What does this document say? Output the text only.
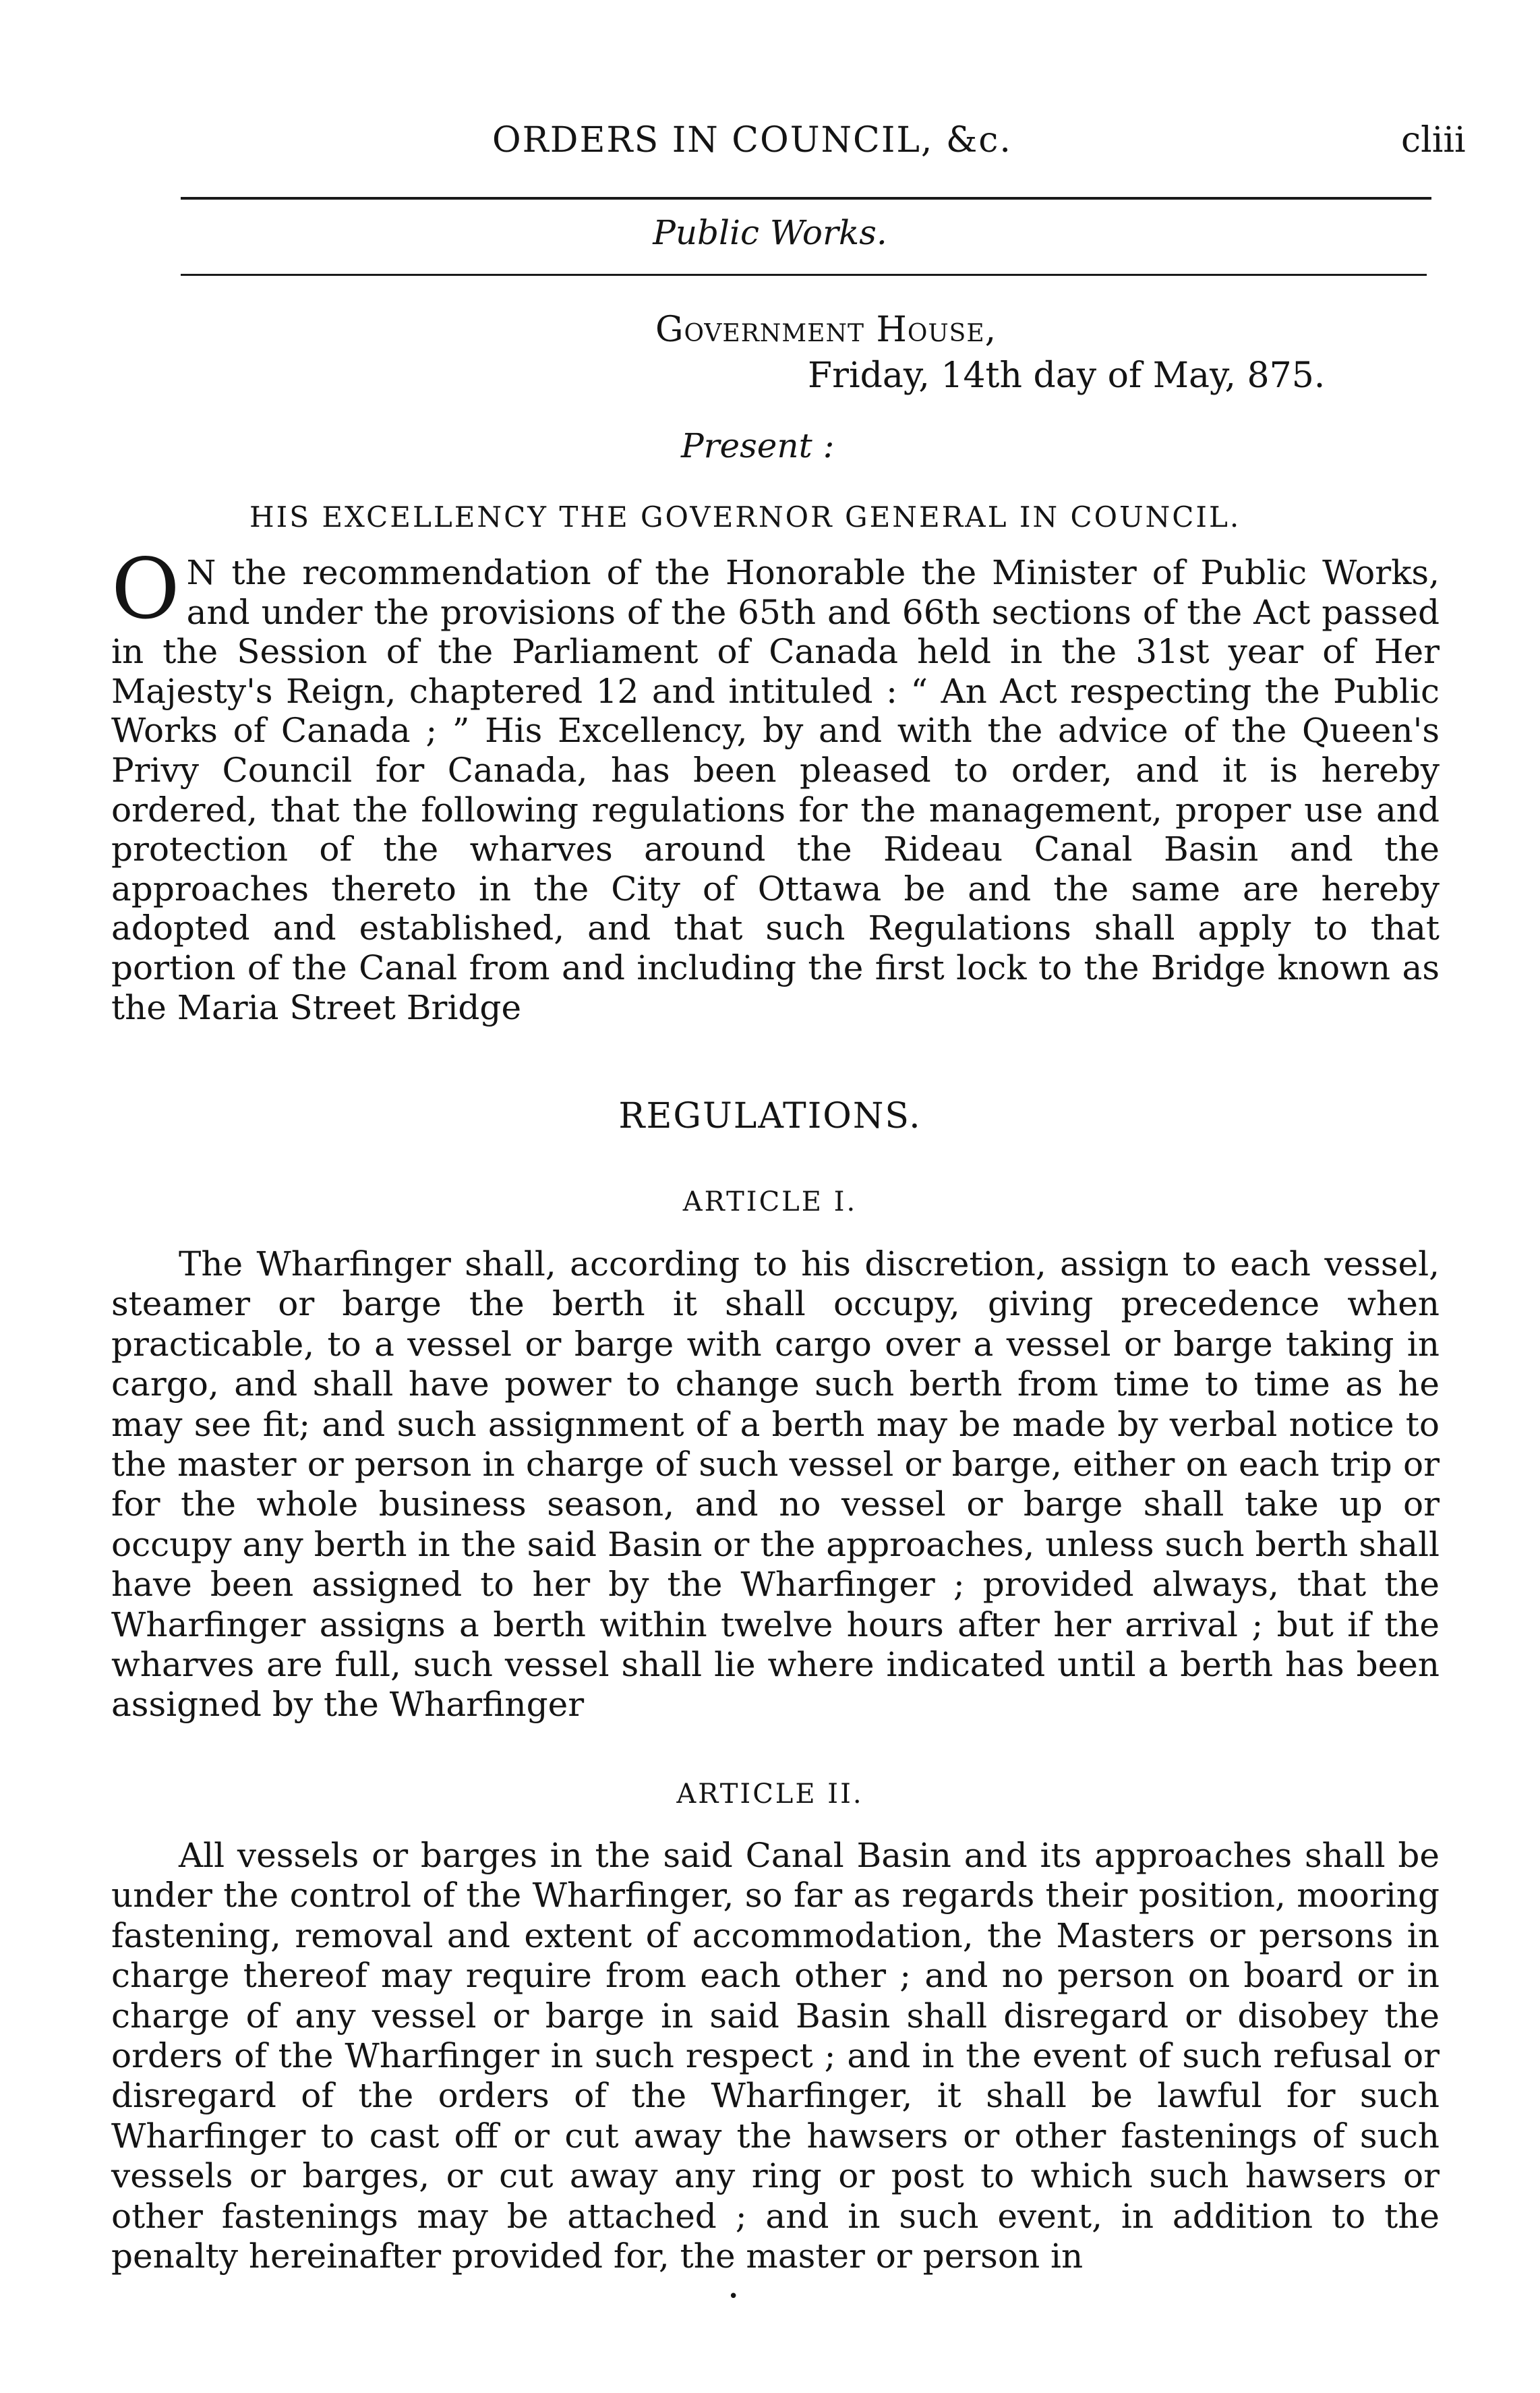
ORDERS IN COUNCIL, &c.	cliii
Public Works.
Government House,
Friday, 14th day of May, 875.
Present :
HIS EXCELLENCY THE GOVERNOR GENERAL IN COUNCIL.
O N the recommendation of the Honorable the Minister of Public Works, and under the provisions of the 65th and 66th sections of the Act passed in the Session of the Parliament of Canada held in the 31st year of Her Majesty's Reign, chaptered 12 and intituled : “ An Act respecting the Public Works of Canada ; ” His Excellency, by and with the advice of the Queen's Privy Council for Canada, has been pleased to order, and it is hereby ordered, that the following regulations for the management, proper use and protection of the wharves around the Rideau Canal Basin and the approaches thereto in the City of Ottawa be and the same are hereby adopted and established, and that such Regulations shall apply to that portion of the Canal from and including the first lock to the Bridge known as the Maria Street Bridge
REGULATIONS.
ARTICLE I.
The Wharfinger shall, according to his discretion, assign to each vessel, steamer or barge the berth it shall occupy, giving precedence when practicable, to a vessel or barge with cargo over a vessel or barge taking in cargo, and shall have power to change such berth from time to time as he may see fit; and such assignment of a berth may be made by verbal notice to the master or person in charge of such vessel or barge, either on each trip or for the whole business season, and no vessel or barge shall take up or occupy any berth in the said Basin or the approaches, unless such berth shall have been assigned to her by the Wharfinger ; provided always, that the Wharfinger assigns a berth within twelve hours after her arrival ; but if the wharves are full, such vessel shall lie where indicated until a berth has been assigned by the Wharfinger
ARTICLE II.
All vessels or barges in the said Canal Basin and its approaches shall be under the control of the Wharfinger, so far as regards their position, mooring fastening, removal and extent of accommodation, the Masters or persons in charge thereof may require from each other ; and no person on board or in charge of any vessel or barge in said Basin shall disregard or disobey the orders of the Wharfinger in such respect ; and in the event of such refusal or disregard of the orders of the Wharfinger, it shall be lawful for such Wharfinger to cast off or cut away the hawsers or other fastenings of such vessels or barges, or cut away any ring or post to which such hawsers or other fastenings may be attached ; and in such event, in addition to the penalty hereinafter provided for, the master or person in
•
